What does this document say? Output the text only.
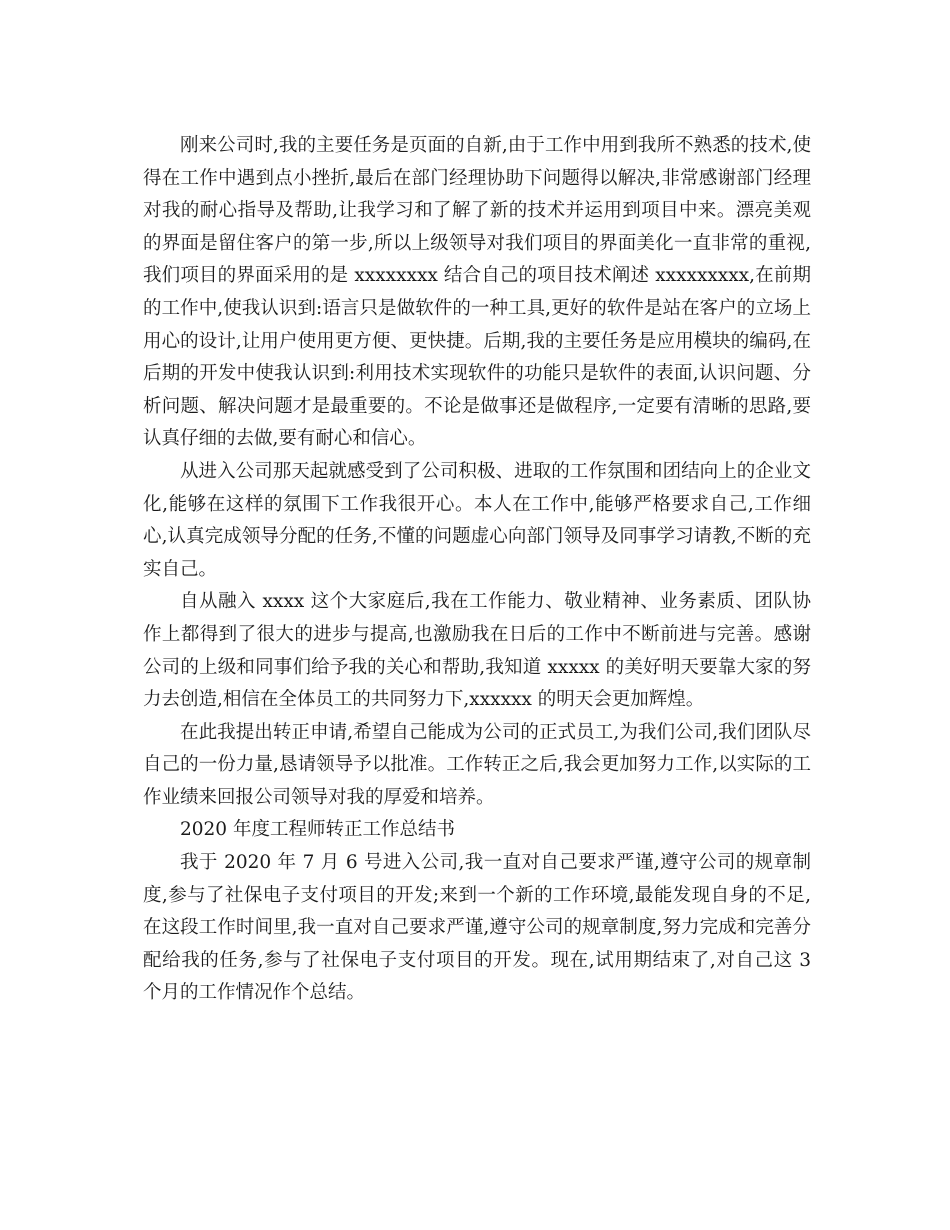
刚来公司时,我的主要任务是页面的自新,由于工作中用到我所不熟悉的技术,使得在工作中遇到点小挫折,最后在部门经理协助下问题得以解决,非常感谢部门经理对我的耐心指导及帮助,让我学习和了解了新的技术并运用到项目中来。漂亮美观的界面是留住客户的第一步,所以上级领导对我们项目的界面美化一直非常的重视,我们项目的界面采用的是 xxxxxxxx 结合自己的项目技术阐述 xxxxxxxxx,在前期的工作中,使我认识到:语言只是做软件的一种工具,更好的软件是站在客户的立场上用心的设计,让用户使用更方便、更快捷。后期,我的主要任务是应用模块的编码,在后期的开发中使我认识到:利用技术实现软件的功能只是软件的表面,认识问题、分析问题、解决问题才是最重要的。不论是做事还是做程序,一定要有清晰的思路,要认真仔细的去做,要有耐心和信心。

从进入公司那天起就感受到了公司积极、进取的工作氛围和团结向上的企业文化,能够在这样的氛围下工作我很开心。本人在工作中,能够严格要求自己,工作细心,认真完成领导分配的任务,不懂的问题虚心向部门领导及同事学习请教,不断的充实自己。

自从融入 xxxx 这个大家庭后,我在工作能力、敬业精神、业务素质、团队协作上都得到了很大的进步与提高,也激励我在日后的工作中不断前进与完善。感谢公司的上级和同事们给予我的关心和帮助,我知道 xxxxx 的美好明天要靠大家的努力去创造,相信在全体员工的共同努力下,xxxxxx 的明天会更加辉煌。

在此我提出转正申请,希望自己能成为公司的正式员工,为我们公司,我们团队尽自己的一份力量,恳请领导予以批准。工作转正之后,我会更加努力工作,以实际的工作业绩来回报公司领导对我的厚爱和培养。

2020 年度工程师转正工作总结书

我于 2020 年 7 月 6 号进入公司,我一直对自己要求严谨,遵守公司的规章制度,参与了社保电子支付项目的开发;来到一个新的工作环境,最能发现自身的不足,在这段工作时间里,我一直对自己要求严谨,遵守公司的规章制度,努力完成和完善分配给我的任务,参与了社保电子支付项目的开发。现在,试用期结束了,对自己这 3 个月的工作情况作个总结。
